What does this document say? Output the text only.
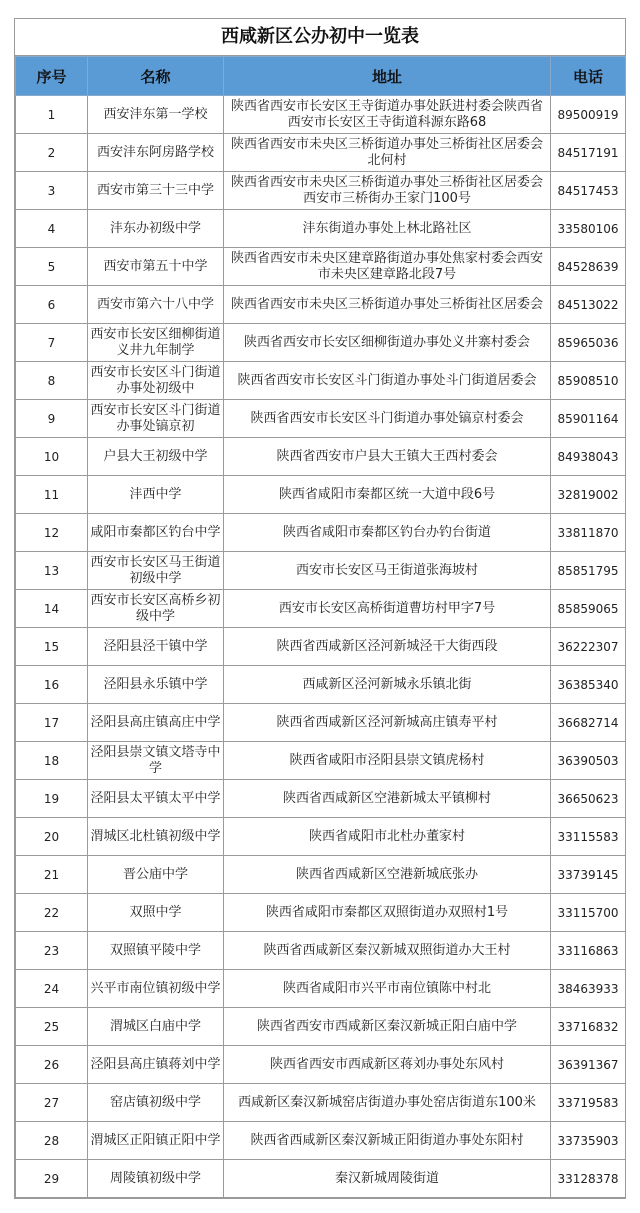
西咸新区公办初中一览表
序号	名称	地址	电话
1	西安沣东第一学校	陕西省西安市长安区王寺街道办事处跃进村委会陕西省西安市长安区王寺街道科源东路68	89500919
2	西安沣东阿房路学校	陕西省西安市未央区三桥街道办事处三桥街社区居委会北何村	84517191
3	西安市第三十三中学	陕西省西安市未央区三桥街道办事处三桥街社区居委会西安市三桥街办王家门100号	84517453
4	沣东办初级中学	沣东街道办事处上林北路社区	33580106
5	西安市第五十中学	陕西省西安市未央区建章路街道办事处焦家村委会西安市未央区建章路北段7号	84528639
6	西安市第六十八中学	陕西省西安市未央区三桥街道办事处三桥街社区居委会	84513022
7	西安市长安区细柳街道义井九年制学	陕西省西安市长安区细柳街道办事处义井寨村委会	85965036
8	西安市长安区斗门街道办事处初级中	陕西省西安市长安区斗门街道办事处斗门街道居委会	85908510
9	西安市长安区斗门街道办事处镐京初	陕西省西安市长安区斗门街道办事处镐京村委会	85901164
10	户县大王初级中学	陕西省西安市户县大王镇大王西村委会	84938043
11	沣西中学	陕西省咸阳市秦都区统一大道中段6号	32819002
12	咸阳市秦都区钓台中学	陕西省咸阳市秦都区钓台办钓台街道	33811870
13	西安市长安区马王街道初级中学	西安市长安区马王街道张海坡村	85851795
14	西安市长安区高桥乡初级中学	西安市长安区高桥街道曹坊村甲字7号	85859065
15	泾阳县泾干镇中学	陕西省西咸新区泾河新城泾干大街西段	36222307
16	泾阳县永乐镇中学	西咸新区泾河新城永乐镇北街	36385340
17	泾阳县高庄镇高庄中学	陕西省西咸新区泾河新城高庄镇寿平村	36682714
18	泾阳县崇文镇文塔寺中学	陕西省咸阳市泾阳县崇文镇虎杨村	36390503
19	泾阳县太平镇太平中学	陕西省西咸新区空港新城太平镇柳村	36650623
20	渭城区北杜镇初级中学	陕西省咸阳市北杜办董家村	33115583
21	晋公庙中学	陕西省西咸新区空港新城底张办	33739145
22	双照中学	陕西省咸阳市秦都区双照街道办双照村1号	33115700
23	双照镇平陵中学	陕西省西咸新区秦汉新城双照街道办大王村	33116863
24	兴平市南位镇初级中学	陕西省咸阳市兴平市南位镇陈中村北	38463933
25	渭城区白庙中学	陕西省西安市西咸新区秦汉新城正阳白庙中学	33716832
26	泾阳县高庄镇蒋刘中学	陕西省西安市西咸新区蒋刘办事处东风村	36391367
27	窑店镇初级中学	西咸新区秦汉新城窑店街道办事处窑店街道东100米	33719583
28	渭城区正阳镇正阳中学	陕西省西咸新区秦汉新城正阳街道办事处东阳村	33735903
29	周陵镇初级中学	秦汉新城周陵街道	33128378
